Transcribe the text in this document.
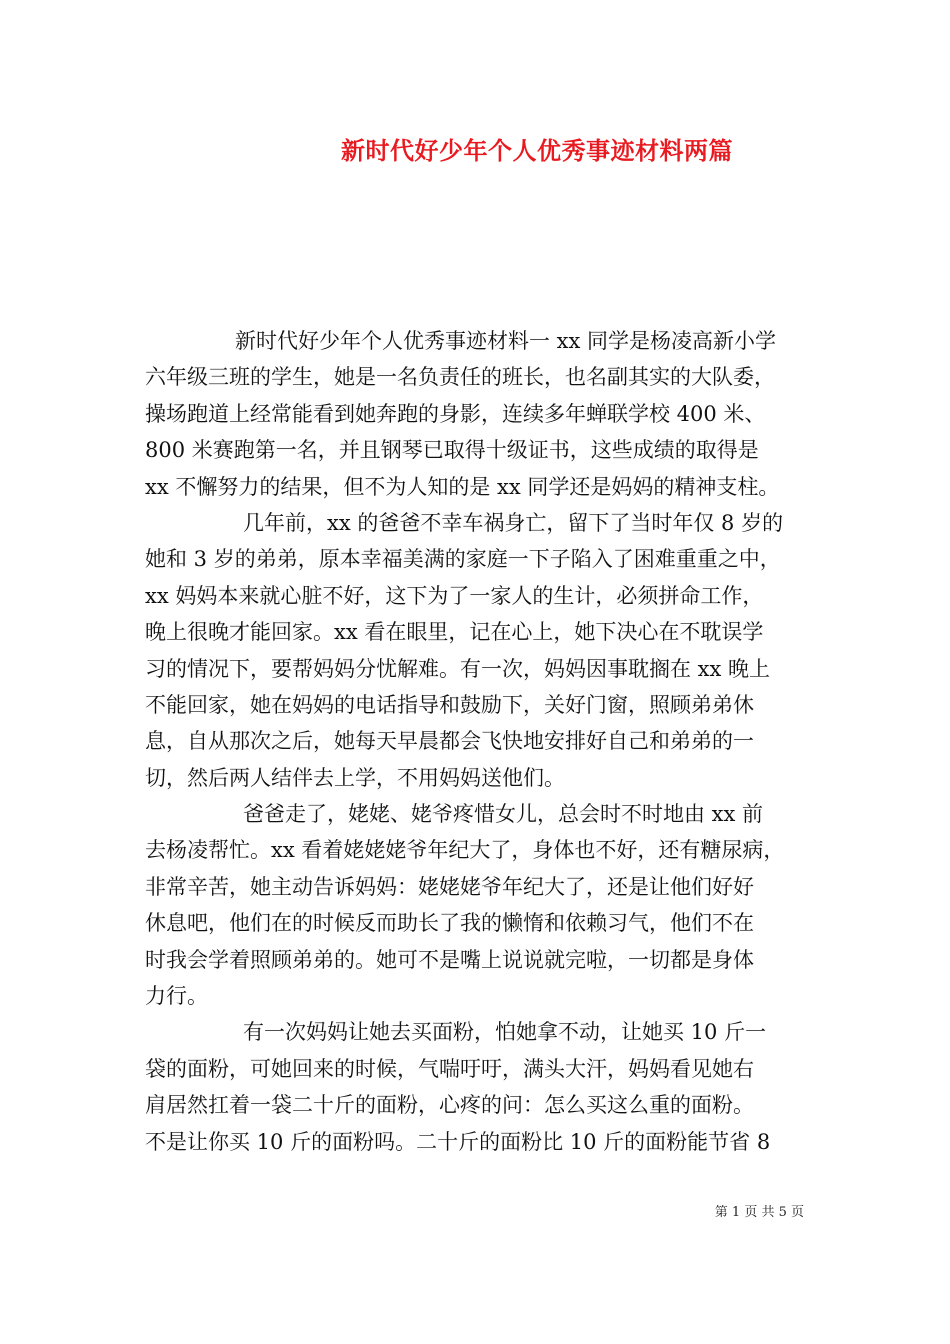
新时代好少年个人优秀事迹材料两篇

新时代好少年个人优秀事迹材料一 xx 同学是杨凌高新小学
六年级三班的学生，她是一名负责任的班长，也名副其实的大队委，
操场跑道上经常能看到她奔跑的身影，连续多年蝉联学校 400 米、
800 米赛跑第一名，并且钢琴已取得十级证书，这些成绩的取得是
xx 不懈努力的结果，但不为人知的是 xx 同学还是妈妈的精神支柱。

几年前，xx 的爸爸不幸车祸身亡，留下了当时年仅 8 岁的
她和 3 岁的弟弟，原本幸福美满的家庭一下子陷入了困难重重之中，
xx 妈妈本来就心脏不好，这下为了一家人的生计，必须拼命工作，
晚上很晚才能回家。xx 看在眼里，记在心上，她下决心在不耽误学
习的情况下，要帮妈妈分忧解难。有一次，妈妈因事耽搁在 xx 晚上
不能回家，她在妈妈的电话指导和鼓励下，关好门窗，照顾弟弟休
息，自从那次之后，她每天早晨都会飞快地安排好自己和弟弟的一
切，然后两人结伴去上学，不用妈妈送他们。

爸爸走了，姥姥、姥爷疼惜女儿，总会时不时地由 xx 前
去杨凌帮忙。xx 看着姥姥姥爷年纪大了，身体也不好，还有糖尿病，
非常辛苦，她主动告诉妈妈：姥姥姥爷年纪大了，还是让他们好好
休息吧，他们在的时候反而助长了我的懒惰和依赖习气，他们不在
时我会学着照顾弟弟的。她可不是嘴上说说就完啦，一切都是身体
力行。

有一次妈妈让她去买面粉，怕她拿不动，让她买 10 斤一
袋的面粉，可她回来的时候，气喘吁吁，满头大汗，妈妈看见她右
肩居然扛着一袋二十斤的面粉，心疼的问：怎么买这么重的面粉。
不是让你买 10 斤的面粉吗。二十斤的面粉比 10 斤的面粉能节省 8

第 1 页 共 5 页
